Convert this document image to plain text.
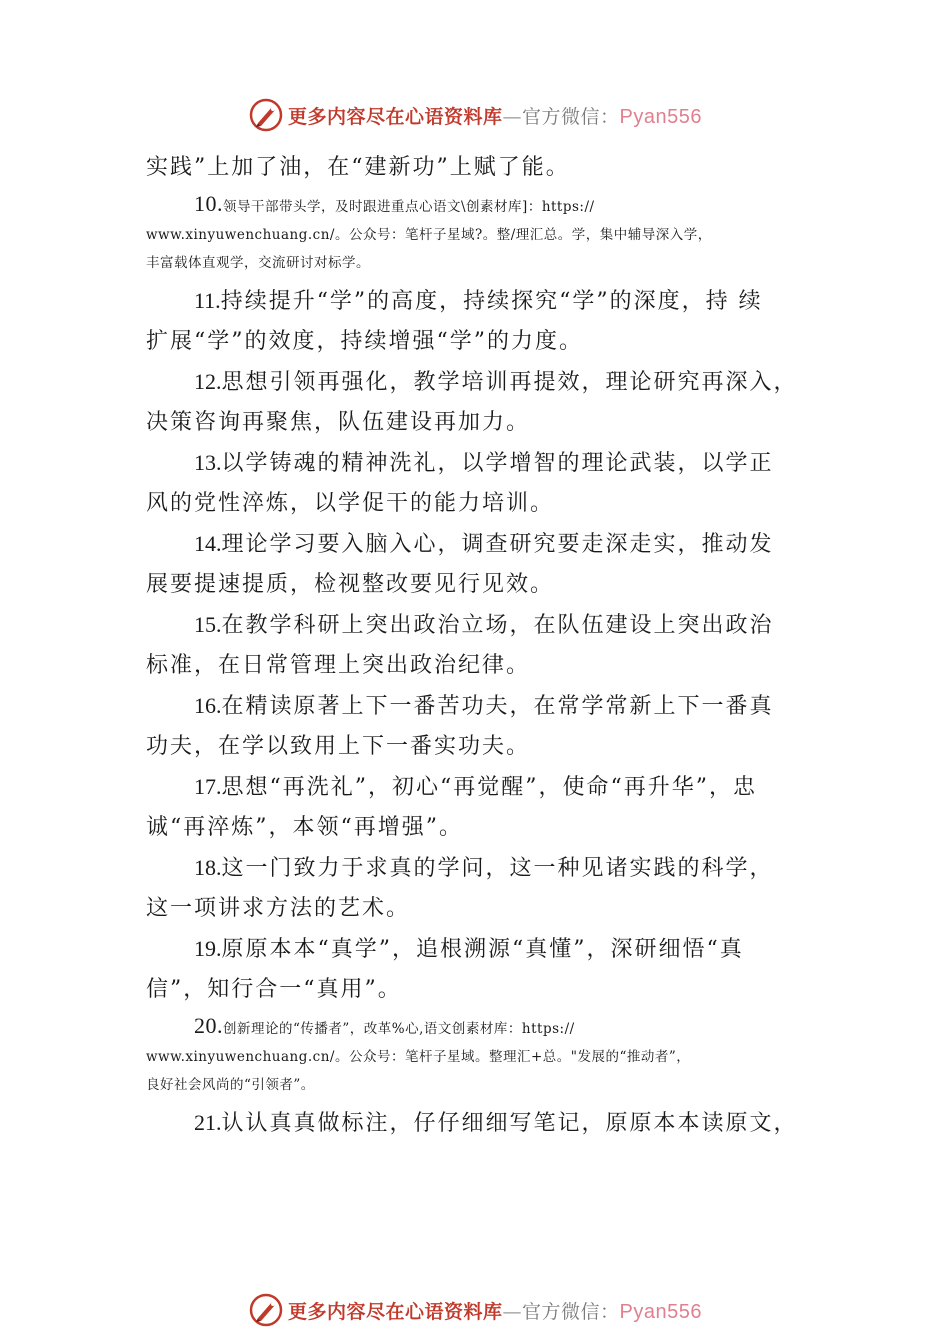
更多内容尽在心语资料库—官方微信：Pyan556

实践”上加了油，在“建新功”上赋了能。

10.领导干部带头学，及时跟进重点心语文\创素材库]：https://

www.xinyuwenchuang.cn/。公众号：笔杆子星域?。整/理汇总。学，集中辅导深入学，

丰富载体直观学，交流研讨对标学。

11.持续提升“学”的高度，持续探究“学”的深度，持 续

扩展“学”的效度，持续增强“学”的力度。

12.思想引领再强化，教学培训再提效，理论研究再深入，

决策咨询再聚焦，队伍建设再加力。

13.以学铸魂的精神洗礼，以学增智的理论武装，以学正

风的党性淬炼，以学促干的能力培训。

14.理论学习要入脑入心，调查研究要走深走实，推动发

展要提速提质，检视整改要见行见效。

15.在教学科研上突出政治立场，在队伍建设上突出政治

标准，在日常管理上突出政治纪律。

16.在精读原著上下一番苦功夫，在常学常新上下一番真

功夫，在学以致用上下一番实功夫。

17.思想“再洗礼”，初心“再觉醒”，使命“再升华”，忠

诚“再淬炼”，本领“再增强”。

18.这一门致力于求真的学问，这一种见诸实践的科学，

这一项讲求方法的艺术。

19.原原本本“真学”，追根溯源“真懂”，深研细悟“真

信”，知行合一“真用”。

20.创新理论的“传播者”，改革%心,语文创素材库：https://

www.xinyuwenchuang.cn/。公众号：笔杆子星域。整理汇+总。"发展的“推动者”，

良好社会风尚的“引领者”。

21.认认真真做标注，仔仔细细写笔记，原原本本读原文，

更多内容尽在心语资料库—官方微信：Pyan556
